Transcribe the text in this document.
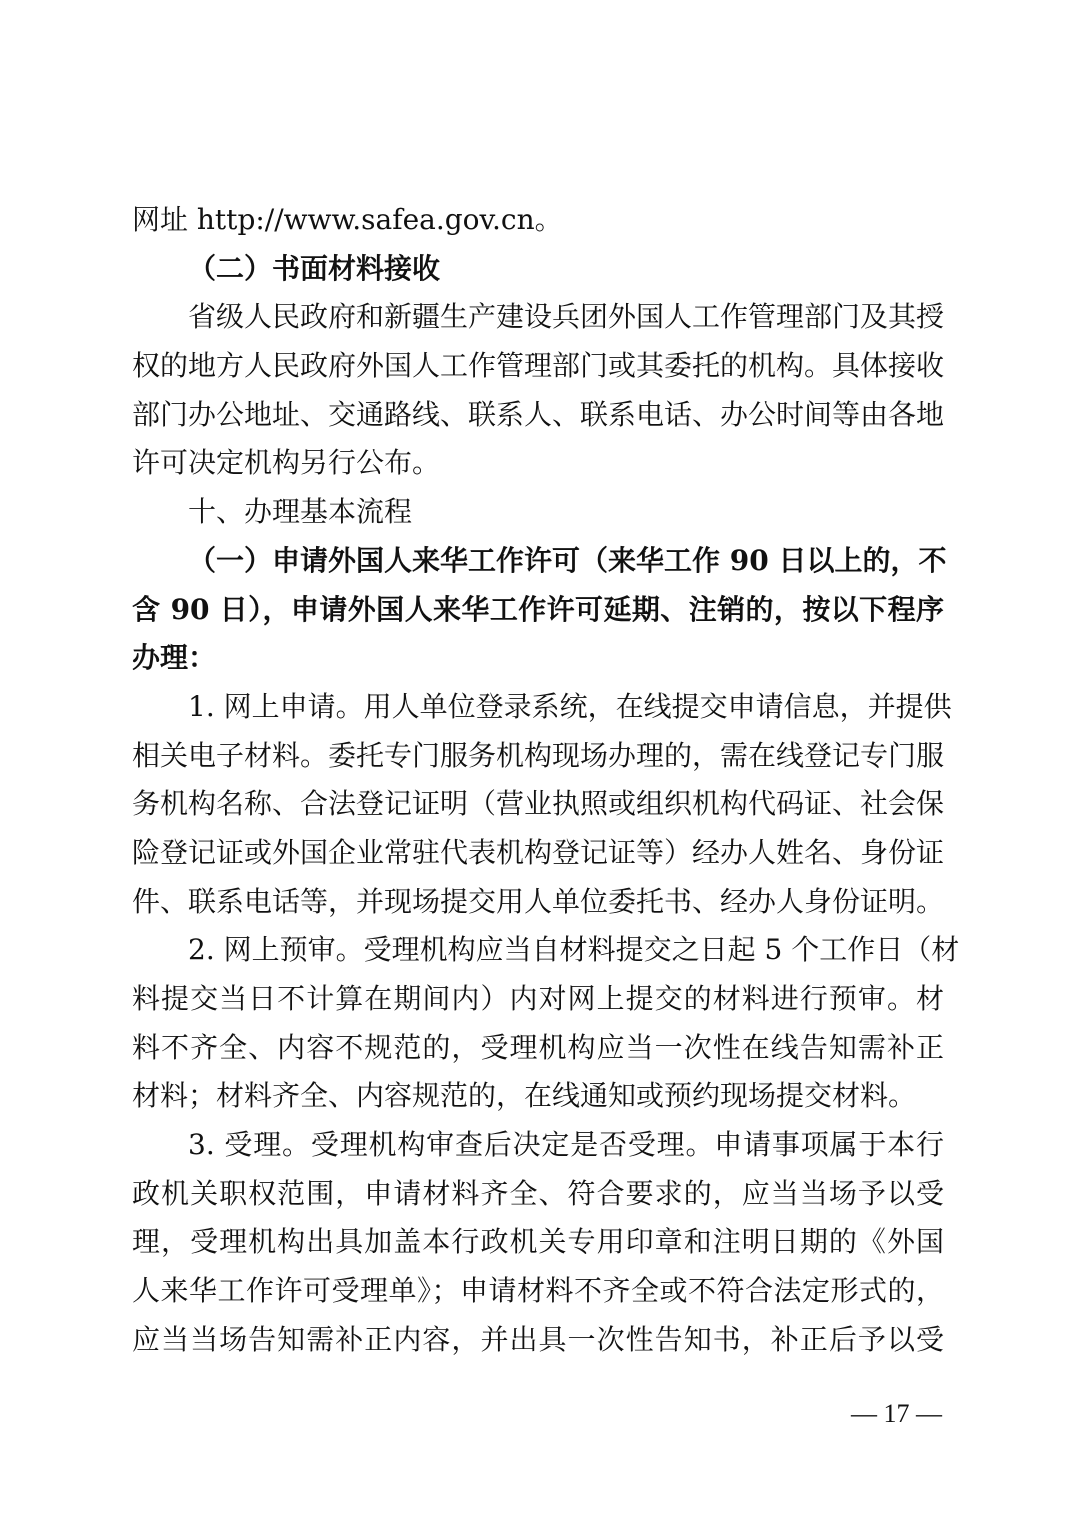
网址 http://www.safea.gov.cn。
（二）书面材料接收
省级人民政府和新疆生产建设兵团外国人工作管理部门及其授
权的地方人民政府外国人工作管理部门或其委托的机构。具体接收
部门办公地址、交通路线、联系人、联系电话、办公时间等由各地
许可决定机构另行公布。
十、办理基本流程
（一）申请外国人来华工作许可（来华工作 90 日以上的，不
含 90 日），申请外国人来华工作许可延期、注销的，按以下程序
办理：
1. 网上申请。用人单位登录系统，在线提交申请信息，并提供
相关电子材料。委托专门服务机构现场办理的，需在线登记专门服
务机构名称、合法登记证明（营业执照或组织机构代码证、社会保
险登记证或外国企业常驻代表机构登记证等）经办人姓名、身份证
件、联系电话等，并现场提交用人单位委托书、经办人身份证明。
2. 网上预审。受理机构应当自材料提交之日起 5 个工作日（材
料提交当日不计算在期间内）内对网上提交的材料进行预审。材
料不齐全、内容不规范的，受理机构应当一次性在线告知需补正
材料；材料齐全、内容规范的，在线通知或预约现场提交材料。
3. 受理。受理机构审查后决定是否受理。申请事项属于本行
政机关职权范围，申请材料齐全、符合要求的，应当当场予以受
理，受理机构出具加盖本行政机关专用印章和注明日期的《外国
人来华工作许可受理单》；申请材料不齐全或不符合法定形式的，
应当当场告知需补正内容，并出具一次性告知书，补正后予以受
— 17 —
